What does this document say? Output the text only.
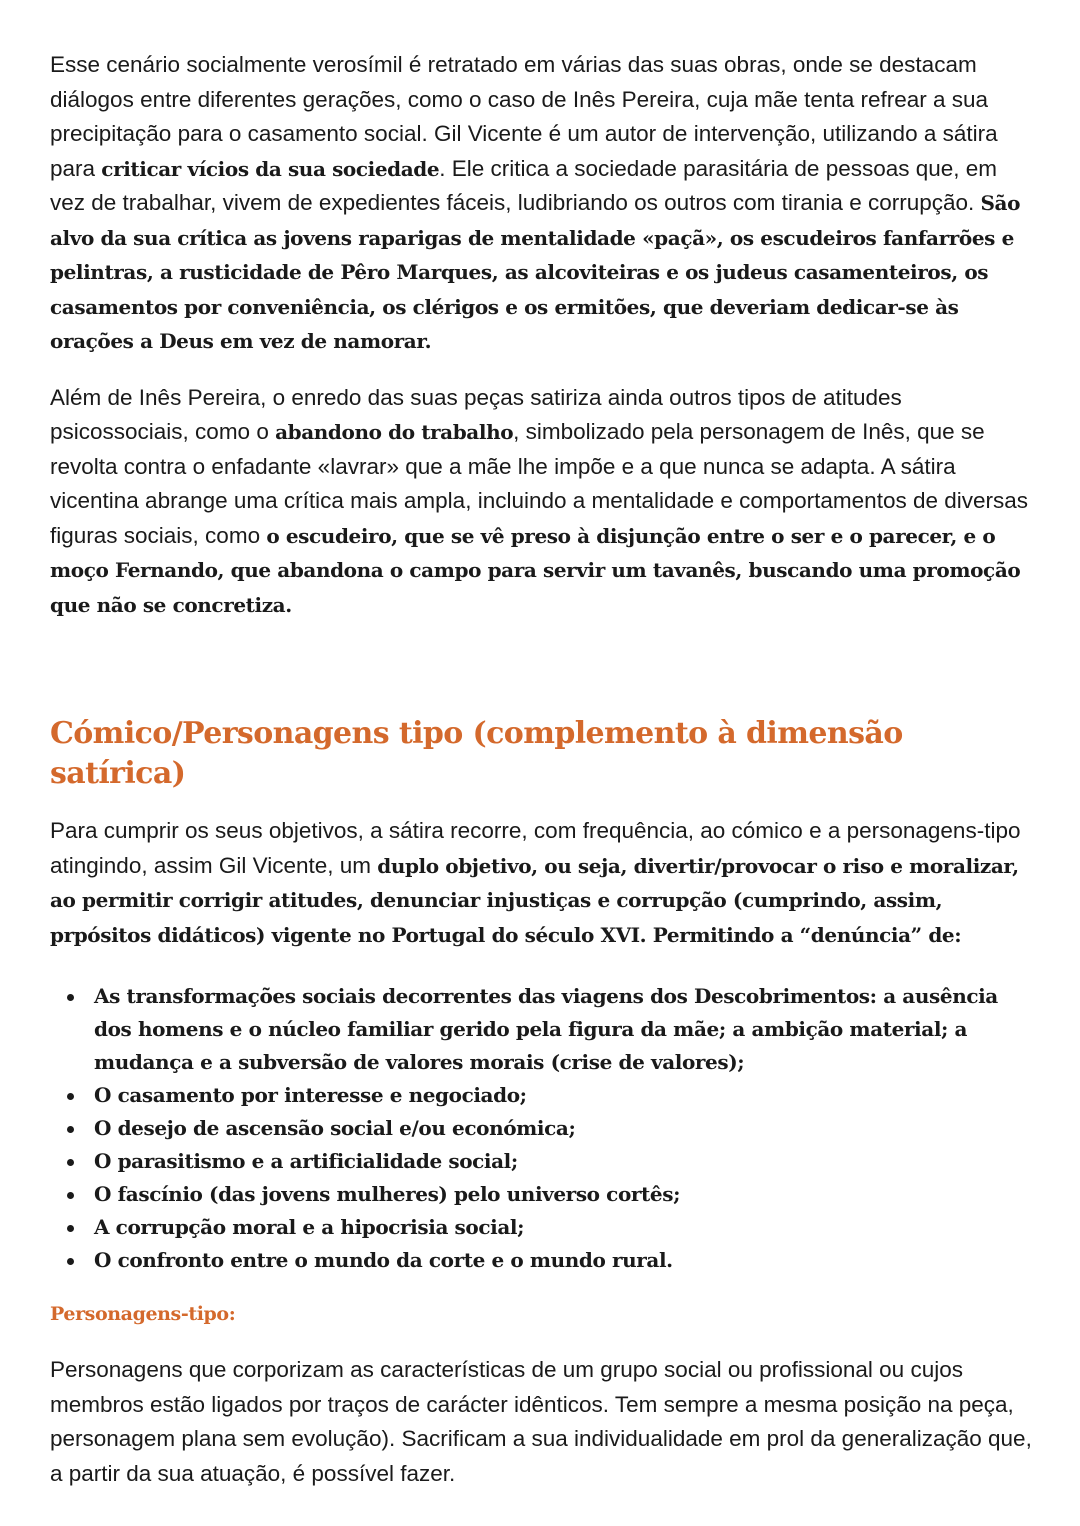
Esse cenário socialmente verosímil é retratado em várias das suas obras, onde se destacam diálogos entre diferentes gerações, como o caso de Inês Pereira, cuja mãe tenta refrear a sua precipitação para o casamento social. Gil Vicente é um autor de intervenção, utilizando a sátira para criticar vícios da sua sociedade. Ele critica a sociedade parasitária de pessoas que, em vez de trabalhar, vivem de expedientes fáceis, ludibriando os outros com tirania e corrupção. São alvo da sua crítica as jovens raparigas de mentalidade «paçã», os escudeiros fanfarrões e pelintras, a rusticidade de Pêro Marques, as alcoviteiras e os judeus casamenteiros, os casamentos por conveniência, os clérigos e os ermitões, que deveriam dedicar-se às orações a Deus em vez de namorar.

Além de Inês Pereira, o enredo das suas peças satiriza ainda outros tipos de atitudes psicossociais, como o abandono do trabalho, simbolizado pela personagem de Inês, que se revolta contra o enfadante «lavrar» que a mãe lhe impõe e a que nunca se adapta. A sátira vicentina abrange uma crítica mais ampla, incluindo a mentalidade e comportamentos de diversas figuras sociais, como o escudeiro, que se vê preso à disjunção entre o ser e o parecer, e o moço Fernando, que abandona o campo para servir um tavanês, buscando uma promoção que não se concretiza.

Cómico/Personagens tipo (complemento à dimensão satírica)

Para cumprir os seus objetivos, a sátira recorre, com frequência, ao cómico e a personagens-tipo atingindo, assim Gil Vicente, um duplo objetivo, ou seja, divertir/provocar o riso e moralizar, ao permitir corrigir atitudes, denunciar injustiças e corrupção (cumprindo, assim, prpósitos didáticos) vigente no Portugal do século XVI. Permitindo a “denúncia” de:

As transformações sociais decorrentes das viagens dos Descobrimentos: a ausência dos homens e o núcleo familiar gerido pela figura da mãe; a ambição material; a mudança e a subversão de valores morais (crise de valores);
O casamento por interesse e negociado;
O desejo de ascensão social e/ou económica;
O parasitismo e a artificialidade social;
O fascínio (das jovens mulheres) pelo universo cortês;
A corrupção moral e a hipocrisia social;
O confronto entre o mundo da corte e o mundo rural.
Personagens-tipo:

Personagens que corporizam as características de um grupo social ou profissional ou cujos membros estão ligados por traços de carácter idênticos. Tem sempre a mesma posição na peça, personagem plana sem evolução). Sacrificam a sua individualidade em prol da generalização que, a partir da sua atuação, é possível fazer.
